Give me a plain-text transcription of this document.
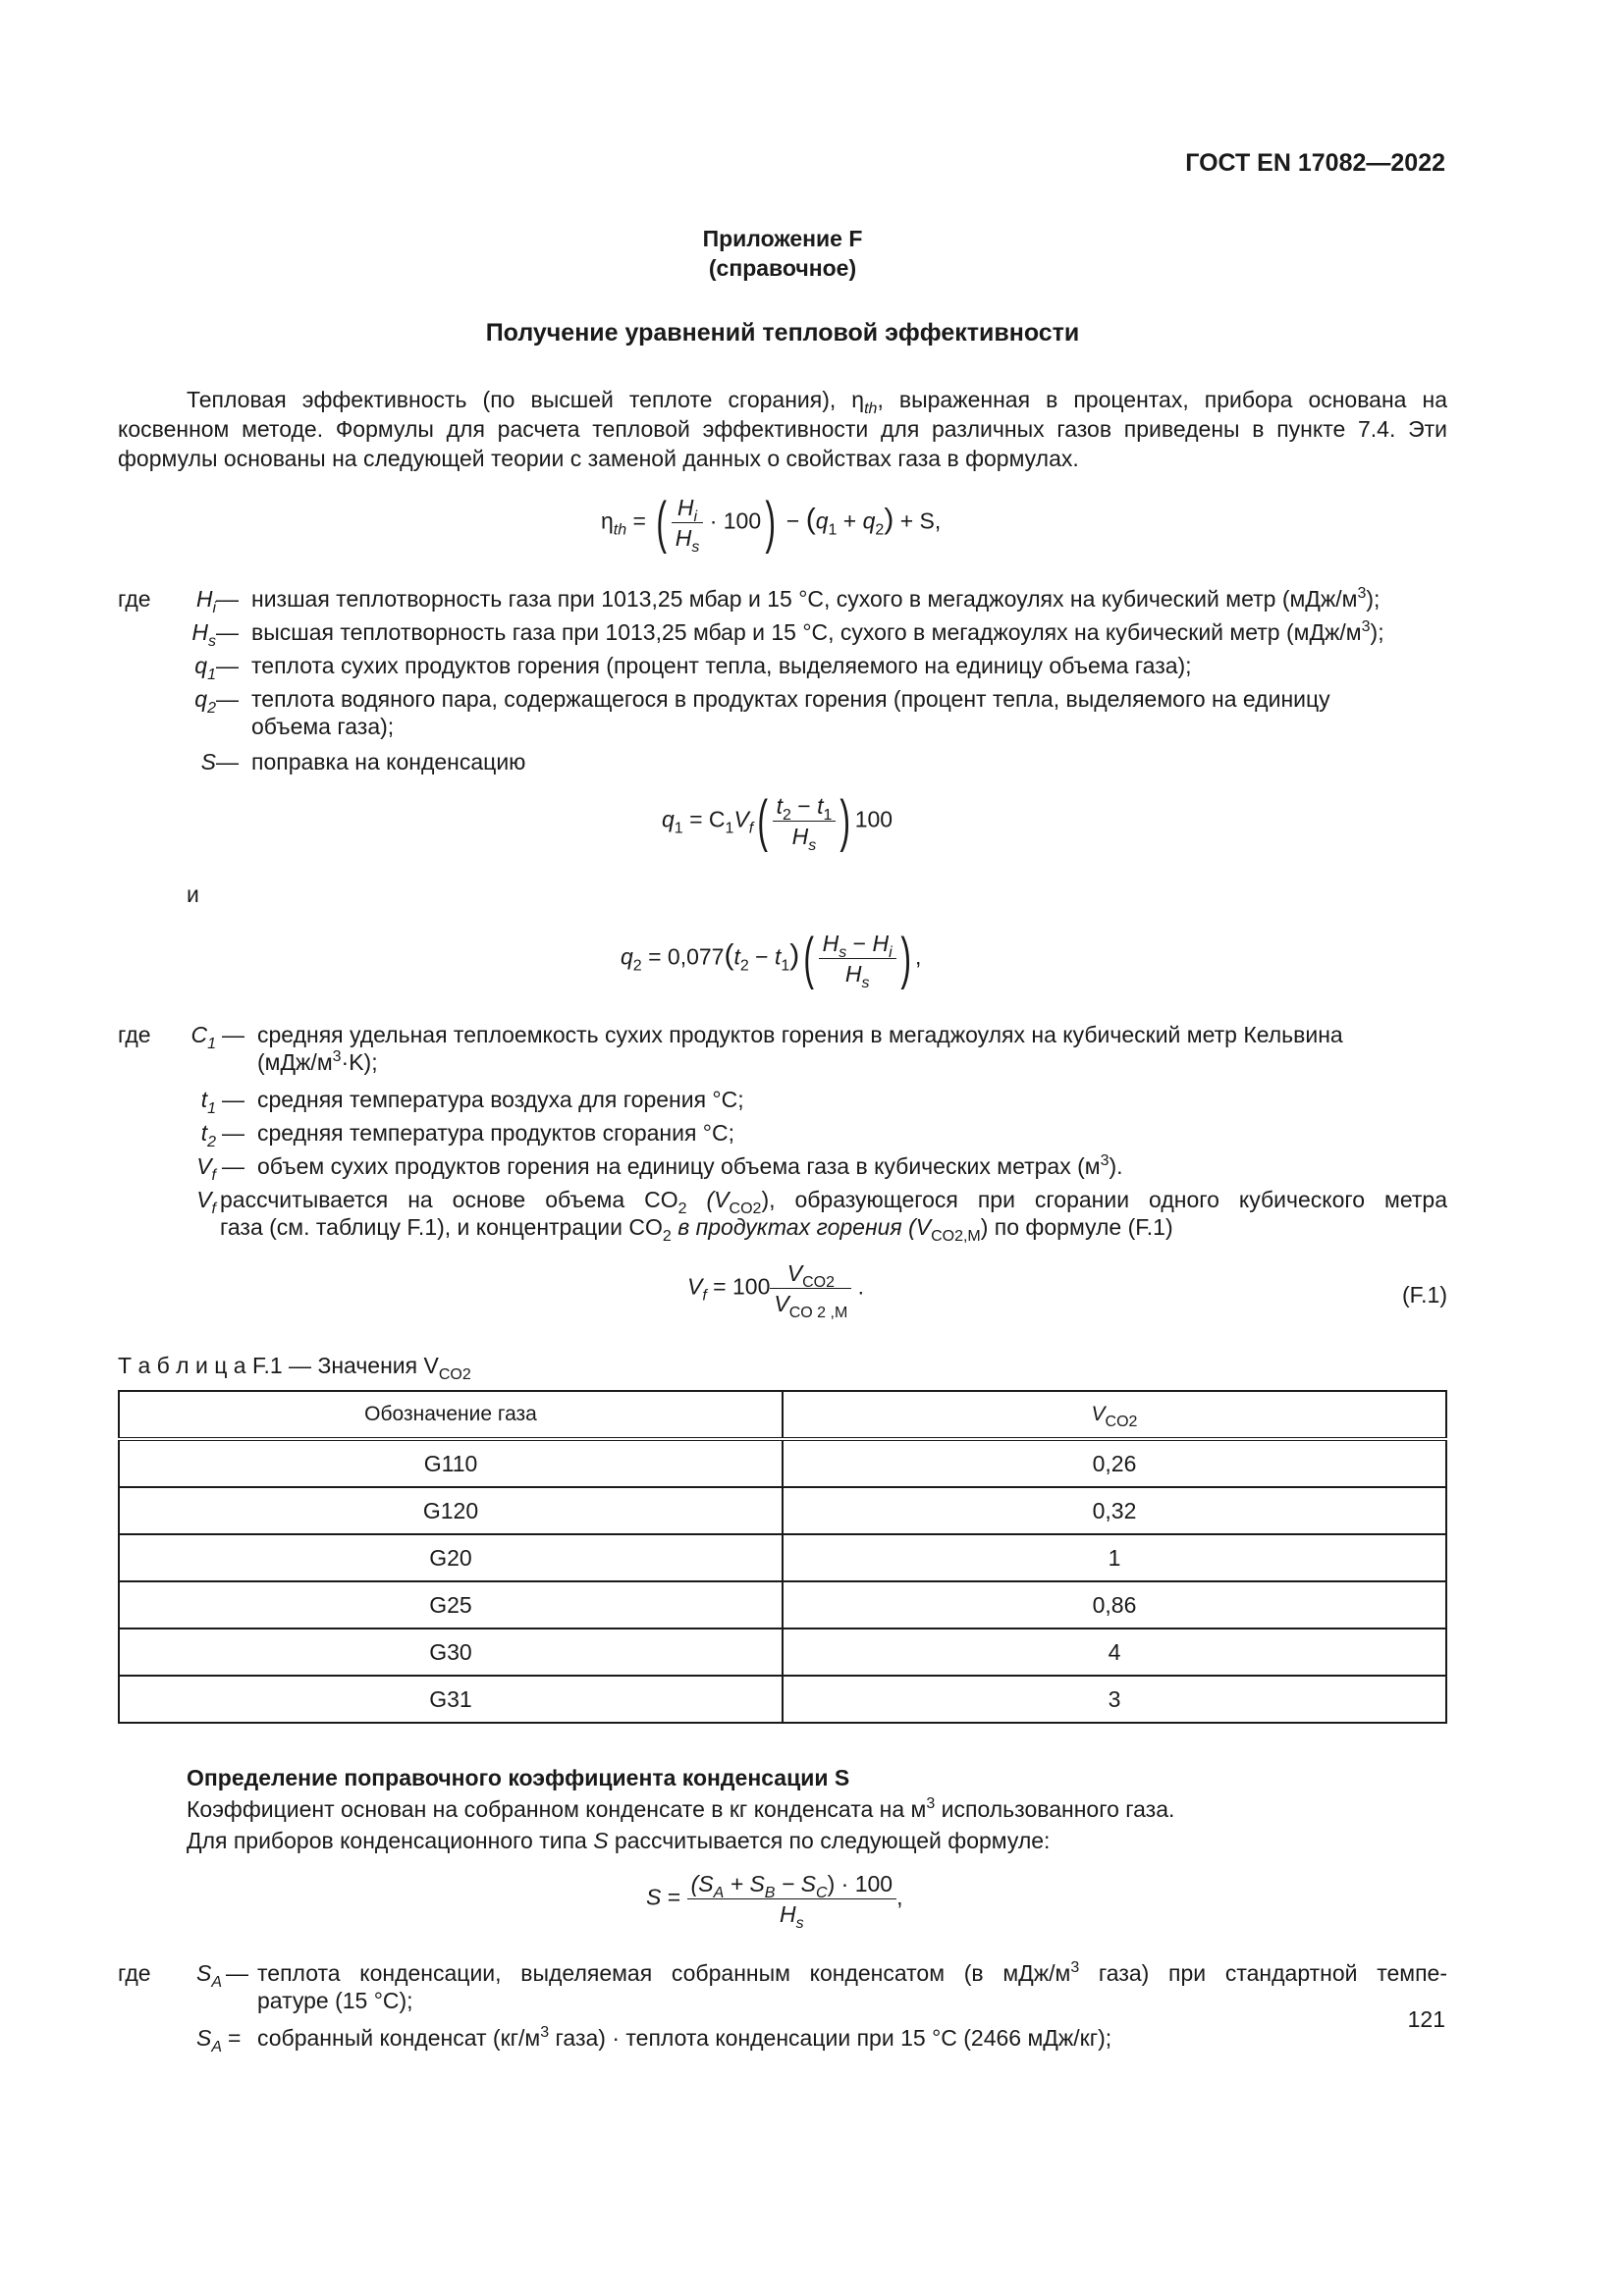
ГОСТ EN 17082—2022
Приложение F
(справочное)
Получение уравнений тепловой эффективности
Тепловая эффективность (по высшей теплоте сгорания), $\eta_{th}$, выраженная в процентах, прибора основана на косвенном методе. Формулы для расчета тепловой эффективности для различных газов приведены в пункте 7.4. Эти формулы основаны на следующей теории с заменой данных о свойствах газа в формулах.
$\eta_{th}$ = ( $\frac{H_i}{H_s} \cdot 100) - (q_1 + q_2) + S$,
где	$H_i$ — низшая теплотворность газа при 1013,25 мбар и 15 °C, сухого в мегаджоулях на кубический метр $(мДж/м^3)$;
$H_s$ — высшая теплотворность газа при 1013,25 мбар и 15 °C, сухого в мегаджоулях на кубический метр $(мДж/м^3)$;
$q_1$ — теплота сухих продуктов горения (процент тепла, выделяемого на единицу объема газа);
$q_2$ — теплота водяного пара, содержащегося в продуктах горения (процент тепла, выделяемого на единицу
объема газа);
S — поправка на конденсацию
$q_1 = C_1V_f( \frac{t_2 - t_1}{H_s}$ ) 100
и
$q_2 = 0,077(t_2 - t_1)( \frac{H_s - H_i}{H_s}$ ) ,
где	$C_1$ — средняя удельная теплоемкость сухих продуктов горения в мегаджоулях на кубический метр Кельвина
$(мДж/м^3\cdot K)$;
$t_1$ — средняя температура воздуха для горения °C;
$t_2$ — средняя температура продуктов сгорания °C;
$V_f$ — объем сухих продуктов горения на единицу объема газа в кубических метрах $(м^3)$.
$V_f$ рассчитывается на основе объема $CO_2$ $(V_{CO2})$, образующегося при сгорании одного кубического метра
газа (см. таблицу F.1), и концентрации $CO_2$ в продуктах горения $(V_{CO2,M})$ по формуле (F.1)
$V_f = 100 \frac{V_{CO2}}{V_{CO 2 ,M}}$ .	(F.1)
Т а б л и ц а F.1 — Значения $V_{CO2}$
Обозначение газа	$V_{CO2}$
G110	0,26
G120	0,32
G20	1
G25	0,86
G30	4
G31	3
Определение поправочного коэффициента конденсации S
Коэффициент основан на собранном конденсате в кг конденсата на $м^3$ использованного газа.
Для приборов конденсационного типа S рассчитывается по следующей формуле:
$S = \frac{(S_A + S_B - S_C) \cdot 100}{H_s}$ ,
где	$S_A$ — теплота конденсации, выделяемая собранным конденсатом (в мДж/$м^3$ газа) при стандартной темпе-
ратуре (15 °C);
$S_A$ = собранный конденсат ($кг/м^3$ газа) · теплота конденсации при 15 °C (2466 мДж/кг);
121
